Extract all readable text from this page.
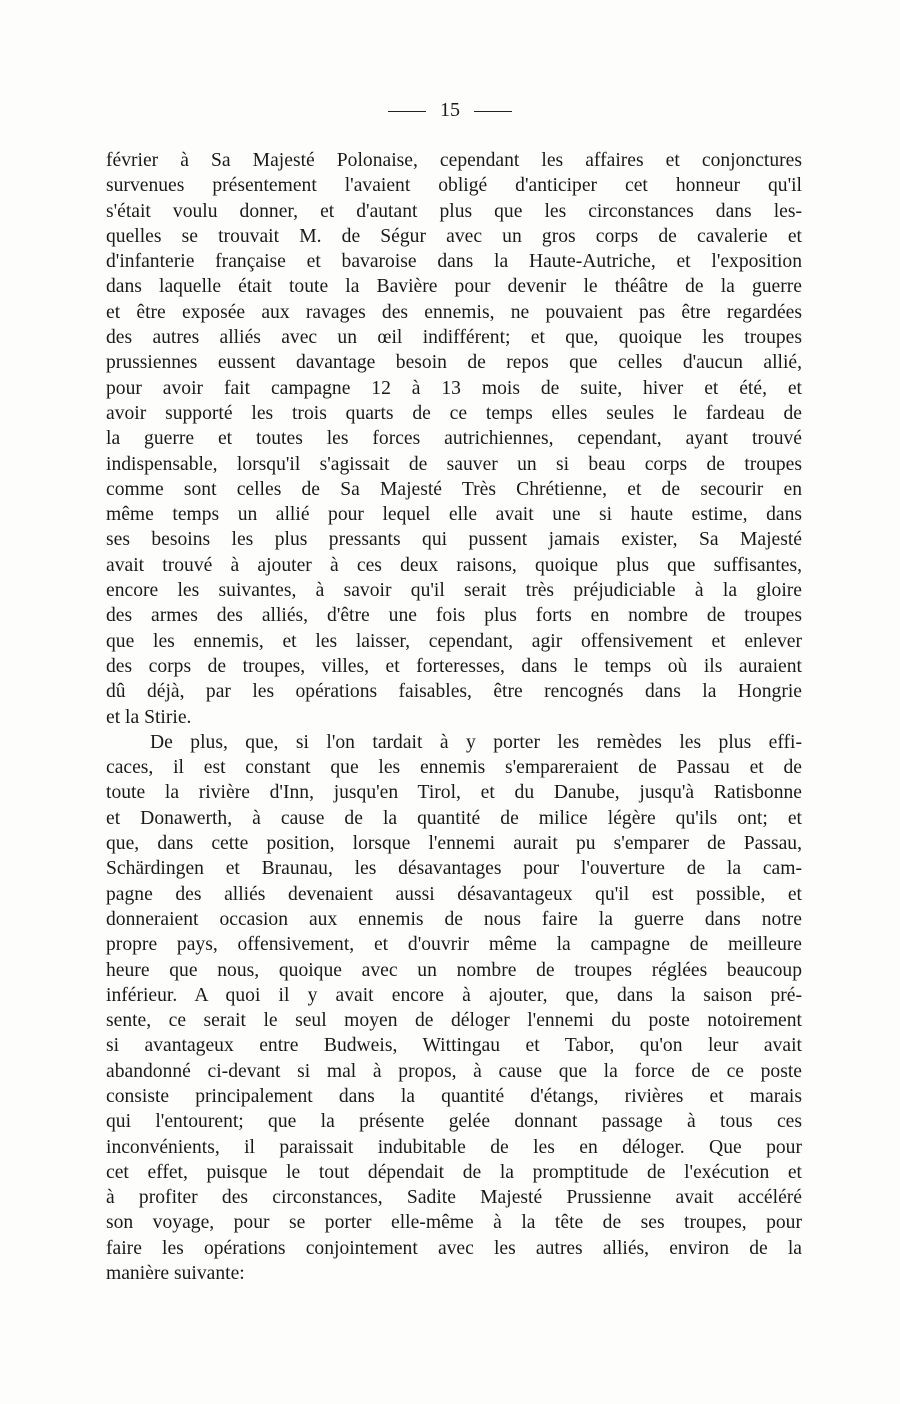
15
février à Sa Majesté Polonaise, cependant les affaires et conjonctures
survenues présentement l'avaient obligé d'anticiper cet honneur qu'il
s'était voulu donner, et d'autant plus que les circonstances dans les-
quelles se trouvait M. de Ségur avec un gros corps de cavalerie et
d'infanterie française et bavaroise dans la Haute-Autriche, et l'exposition
dans laquelle était toute la Bavière pour devenir le théâtre de la guerre
et être exposée aux ravages des ennemis, ne pouvaient pas être regardées
des autres alliés avec un œil indifférent; et que, quoique les troupes
prussiennes eussent davantage besoin de repos que celles d'aucun allié,
pour avoir fait campagne 12 à 13 mois de suite, hiver et été, et
avoir supporté les trois quarts de ce temps elles seules le fardeau de
la guerre et toutes les forces autrichiennes, cependant, ayant trouvé
indispensable, lorsqu'il s'agissait de sauver un si beau corps de troupes
comme sont celles de Sa Majesté Très Chrétienne, et de secourir en
même temps un allié pour lequel elle avait une si haute estime, dans
ses besoins les plus pressants qui pussent jamais exister, Sa Majesté
avait trouvé à ajouter à ces deux raisons, quoique plus que suffisantes,
encore les suivantes, à savoir qu'il serait très préjudiciable à la gloire
des armes des alliés, d'être une fois plus forts en nombre de troupes
que les ennemis, et les laisser, cependant, agir offensivement et enlever
des corps de troupes, villes, et forteresses, dans le temps où ils auraient
dû déjà, par les opérations faisables, être rencognés dans la Hongrie
et la Stirie.
De plus, que, si l'on tardait à y porter les remèdes les plus effi-
caces, il est constant que les ennemis s'empareraient de Passau et de
toute la rivière d'Inn, jusqu'en Tirol, et du Danube, jusqu'à Ratisbonne
et Donawerth, à cause de la quantité de milice légère qu'ils ont; et
que, dans cette position, lorsque l'ennemi aurait pu s'emparer de Passau,
Schärdingen et Braunau, les désavantages pour l'ouverture de la cam-
pagne des alliés devenaient aussi désavantageux qu'il est possible, et
donneraient occasion aux ennemis de nous faire la guerre dans notre
propre pays, offensivement, et d'ouvrir même la campagne de meilleure
heure que nous, quoique avec un nombre de troupes réglées beaucoup
inférieur. A quoi il y avait encore à ajouter, que, dans la saison pré-
sente, ce serait le seul moyen de déloger l'ennemi du poste notoirement
si avantageux entre Budweis, Wittingau et Tabor, qu'on leur avait
abandonné ci-devant si mal à propos, à cause que la force de ce poste
consiste principalement dans la quantité d'étangs, rivières et marais
qui l'entourent; que la présente gelée donnant passage à tous ces
inconvénients, il paraissait indubitable de les en déloger. Que pour
cet effet, puisque le tout dépendait de la promptitude de l'exécution et
à profiter des circonstances, Sadite Majesté Prussienne avait accéléré
son voyage, pour se porter elle-même à la tête de ses troupes, pour
faire les opérations conjointement avec les autres alliés, environ de la
manière suivante:
